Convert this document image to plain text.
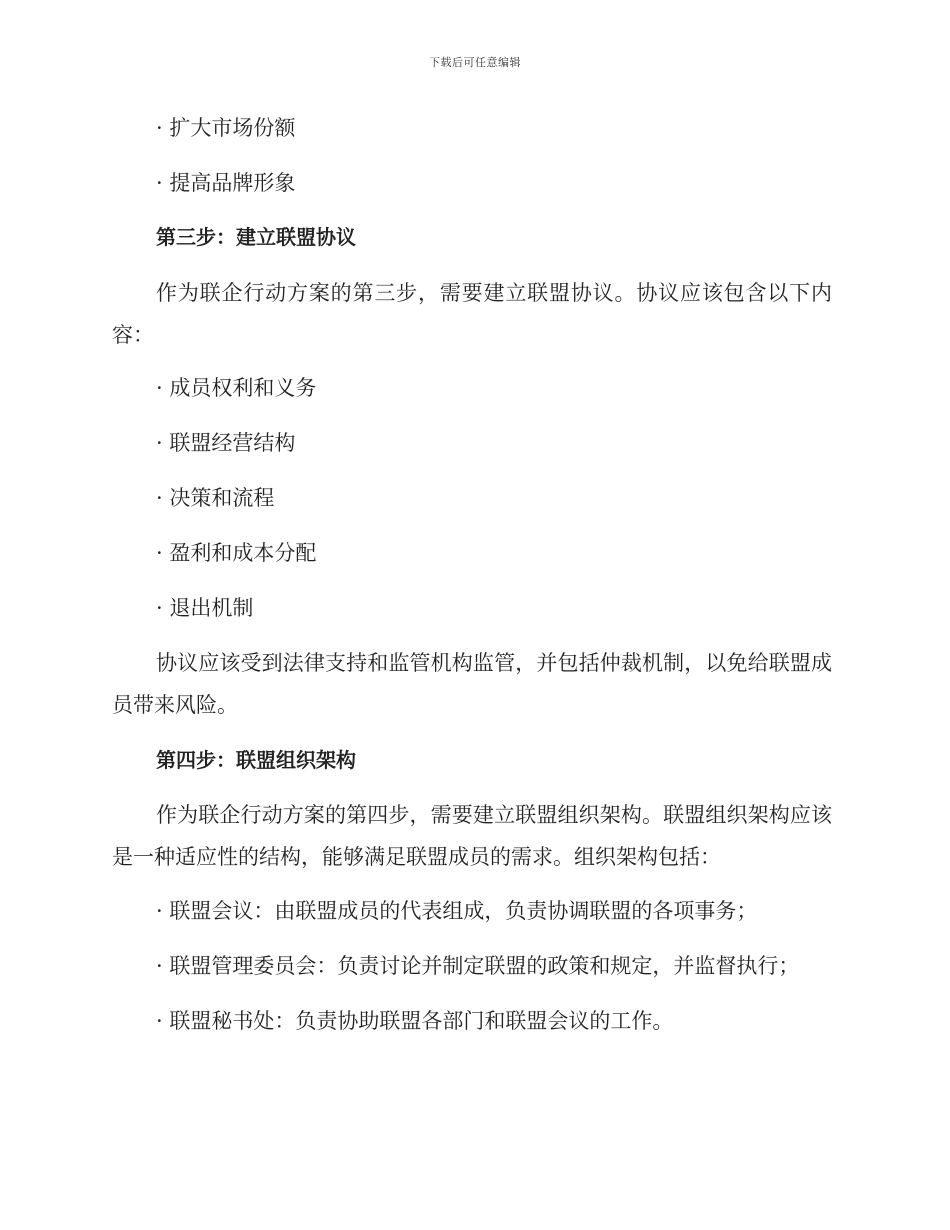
下载后可任意编辑
· 扩大市场份额
· 提高品牌形象
第三步：建立联盟协议
作为联企行动方案的第三步，需要建立联盟协议。协议应该包含以下内容：
· 成员权利和义务
· 联盟经营结构
· 决策和流程
· 盈利和成本分配
· 退出机制
协议应该受到法律支持和监管机构监管，并包括仲裁机制，以免给联盟成员带来风险。
第四步：联盟组织架构
作为联企行动方案的第四步，需要建立联盟组织架构。联盟组织架构应该是一种适应性的结构，能够满足联盟成员的需求。组织架构包括：
· 联盟会议：由联盟成员的代表组成，负责协调联盟的各项事务；
· 联盟管理委员会：负责讨论并制定联盟的政策和规定，并监督执行；
· 联盟秘书处：负责协助联盟各部门和联盟会议的工作。
